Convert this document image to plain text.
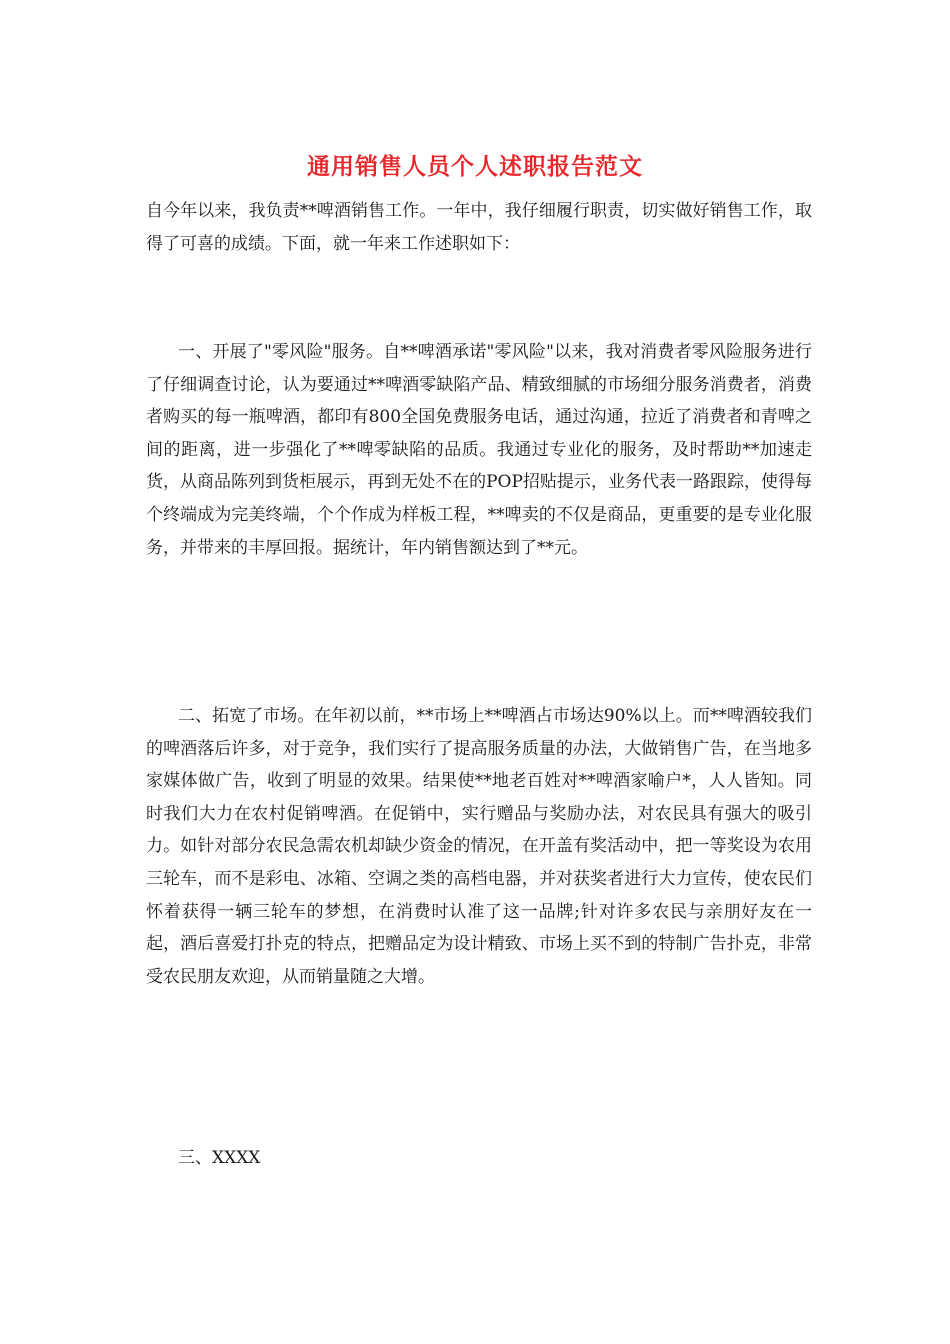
通用销售人员个人述职报告范文

自今年以来，我负责**啤酒销售工作。一年中，我仔细履行职责，切实做好销售工作，取得了可喜的成绩。下面，就一年来工作述职如下：

一、开展了"零风险"服务。自**啤酒承诺"零风险"以来，我对消费者零风险服务进行了仔细调查讨论，认为要通过**啤酒零缺陷产品、精致细腻的市场细分服务消费者，消费者购买的每一瓶啤酒，都印有800全国免费服务电话，通过沟通，拉近了消费者和青啤之间的距离，进一步强化了**啤零缺陷的品质。我通过专业化的服务，及时帮助**加速走货，从商品陈列到货柜展示，再到无处不在的POP招贴提示，业务代表一路跟踪，使得每个终端成为完美终端，个个作成为样板工程，**啤卖的不仅是商品，更重要的是专业化服务，并带来的丰厚回报。据统计，年内销售额达到了**元。

二、拓宽了市场。在年初以前，**市场上**啤酒占市场达90%以上。而**啤酒较我们的啤酒落后许多，对于竞争，我们实行了提高服务质量的办法，大做销售广告，在当地多家媒体做广告，收到了明显的效果。结果使**地老百姓对**啤酒家喻户*，人人皆知。同时我们大力在农村促销啤酒。在促销中，实行赠品与奖励办法，对农民具有强大的吸引力。如针对部分农民急需农机却缺少资金的情况，在开盖有奖活动中，把一等奖设为农用三轮车，而不是彩电、冰箱、空调之类的高档电器，并对获奖者进行大力宣传，使农民们怀着获得一辆三轮车的梦想，在消费时认准了这一品牌;针对许多农民与亲朋好友在一起，酒后喜爱打扑克的特点，把赠品定为设计精致、市场上买不到的特制广告扑克，非常受农民朋友欢迎，从而销量随之大增。

三、XXXX
